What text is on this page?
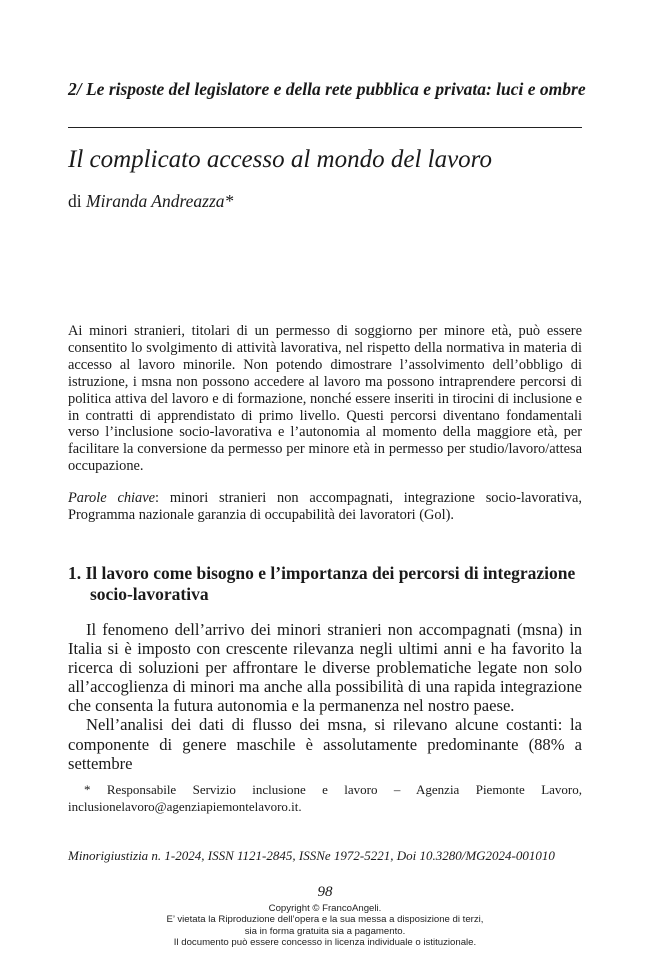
2/ Le risposte del legislatore e della rete pubblica e privata: luci e ombre
Il complicato accesso al mondo del lavoro
di Miranda Andreazza*

Ai minori stranieri, titolari di un permesso di soggiorno per minore età, può essere consentito lo svolgimento di attività lavorativa, nel rispetto della normativa in materia di accesso al lavoro minorile. Non potendo dimostrare l’assolvimento dell’obbligo di istruzione, i msna non possono accedere al lavoro ma possono intraprendere percorsi di politica attiva del lavoro e di formazione, nonché essere inseriti in tirocini di inclusione e in contratti di apprendistato di primo livello. Questi percorsi diventano fondamentali verso l’inclusione socio-lavorativa e l’autonomia al momento della maggiore età, per facilitare la conversione da permesso per minore età in permesso per studio/lavoro/attesa occupazione.

Parole chiave: minori stranieri non accompagnati, integrazione socio-lavorativa, Programma nazionale garanzia di occupabilità dei lavoratori (Gol).
1. Il lavoro come bisogno e l’importanza dei percorsi di integrazione socio-lavorativa

Il fenomeno dell’arrivo dei minori stranieri non accompagnati (msna) in Italia si è imposto con crescente rilevanza negli ultimi anni e ha favorito la ricerca di soluzioni per affrontare le diverse problematiche legate non solo all’accoglienza di minori ma anche alla possibilità di una rapida integrazione che consenta la futura autonomia e la permanenza nel nostro paese.

Nell’analisi dei dati di flusso dei msna, si rilevano alcune costanti: la componente di genere maschile è assolutamente predominante (88% a settembre

* Responsabile Servizio inclusione e lavoro – Agenzia Piemonte Lavoro, inclusionelavoro@agenziapiemontelavoro.it.
Minorigiustizia n. 1-2024, ISSN 1121-2845, ISSNe 1972-5221, Doi 10.3280/MG2024-001010
98
Copyright © FrancoAngeli.
E’ vietata la Riproduzione dell’opera e la sua messa a disposizione di terzi,
sia in forma gratuita sia a pagamento.
Il documento può essere concesso in licenza individuale o istituzionale.
